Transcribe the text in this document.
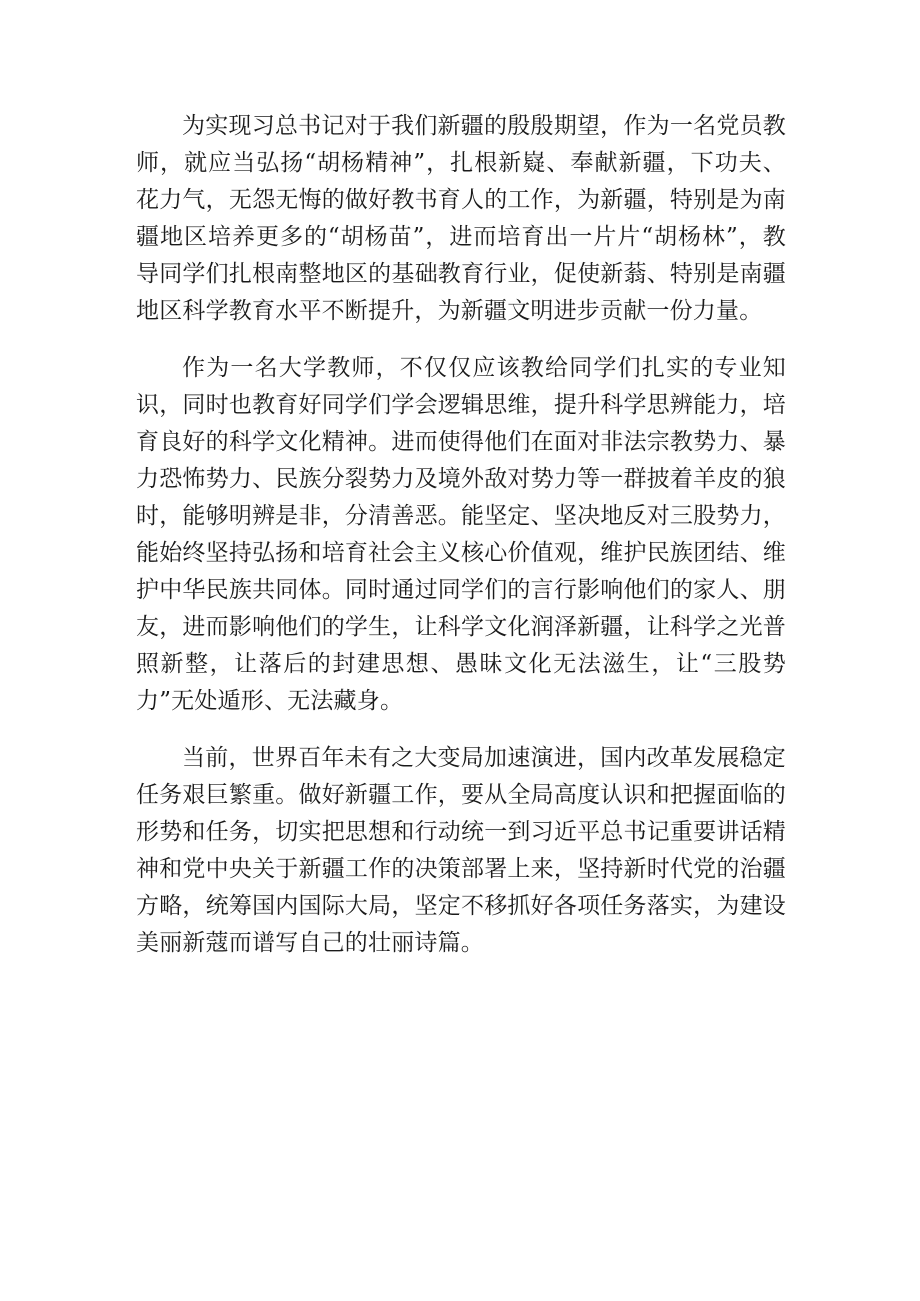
为实现习总书记对于我们新疆的殷殷期望，作为一名党员教师，就应当弘扬“胡杨精神”，扎根新嶷、奉献新疆，下功夫、花力气，无怨无悔的做好教书育人的工作，为新疆，特别是为南疆地区培养更多的“胡杨苗”，进而培育出一片片“胡杨林”，教导同学们扎根南整地区的基础教育行业，促使新蓊、特别是南疆地区科学教育水平不断提升，为新疆文明进步贡献一份力量。

作为一名大学教师，不仅仅应该教给同学们扎实的专业知识，同时也教育好同学们学会逻辑思维，提升科学思辨能力，培育良好的科学文化精神。进而使得他们在面对非法宗教势力、暴力恐怖势力、民族分裂势力及境外敌对势力等一群披着羊皮的狼时，能够明辨是非，分清善恶。能坚定、坚决地反对三股势力，能始终坚持弘扬和培育社会主义核心价值观，维护民族团结、维护中华民族共同体。同时通过同学们的言行影响他们的家人、朋友，进而影响他们的学生，让科学文化润泽新疆，让科学之光普照新整，让落后的封建思想、愚昧文化无法滋生，让“三股势力”无处遁形、无法藏身。

当前，世界百年未有之大变局加速演进，国内改革发展稳定任务艰巨繁重。做好新疆工作，要从全局高度认识和把握面临的形势和任务，切实把思想和行动统一到习近平总书记重要讲话精神和党中央关于新疆工作的决策部署上来，坚持新时代党的治疆方略，统筹国内国际大局，坚定不移抓好各项任务落实，为建设美丽新蔻而谱写自己的壮丽诗篇。
